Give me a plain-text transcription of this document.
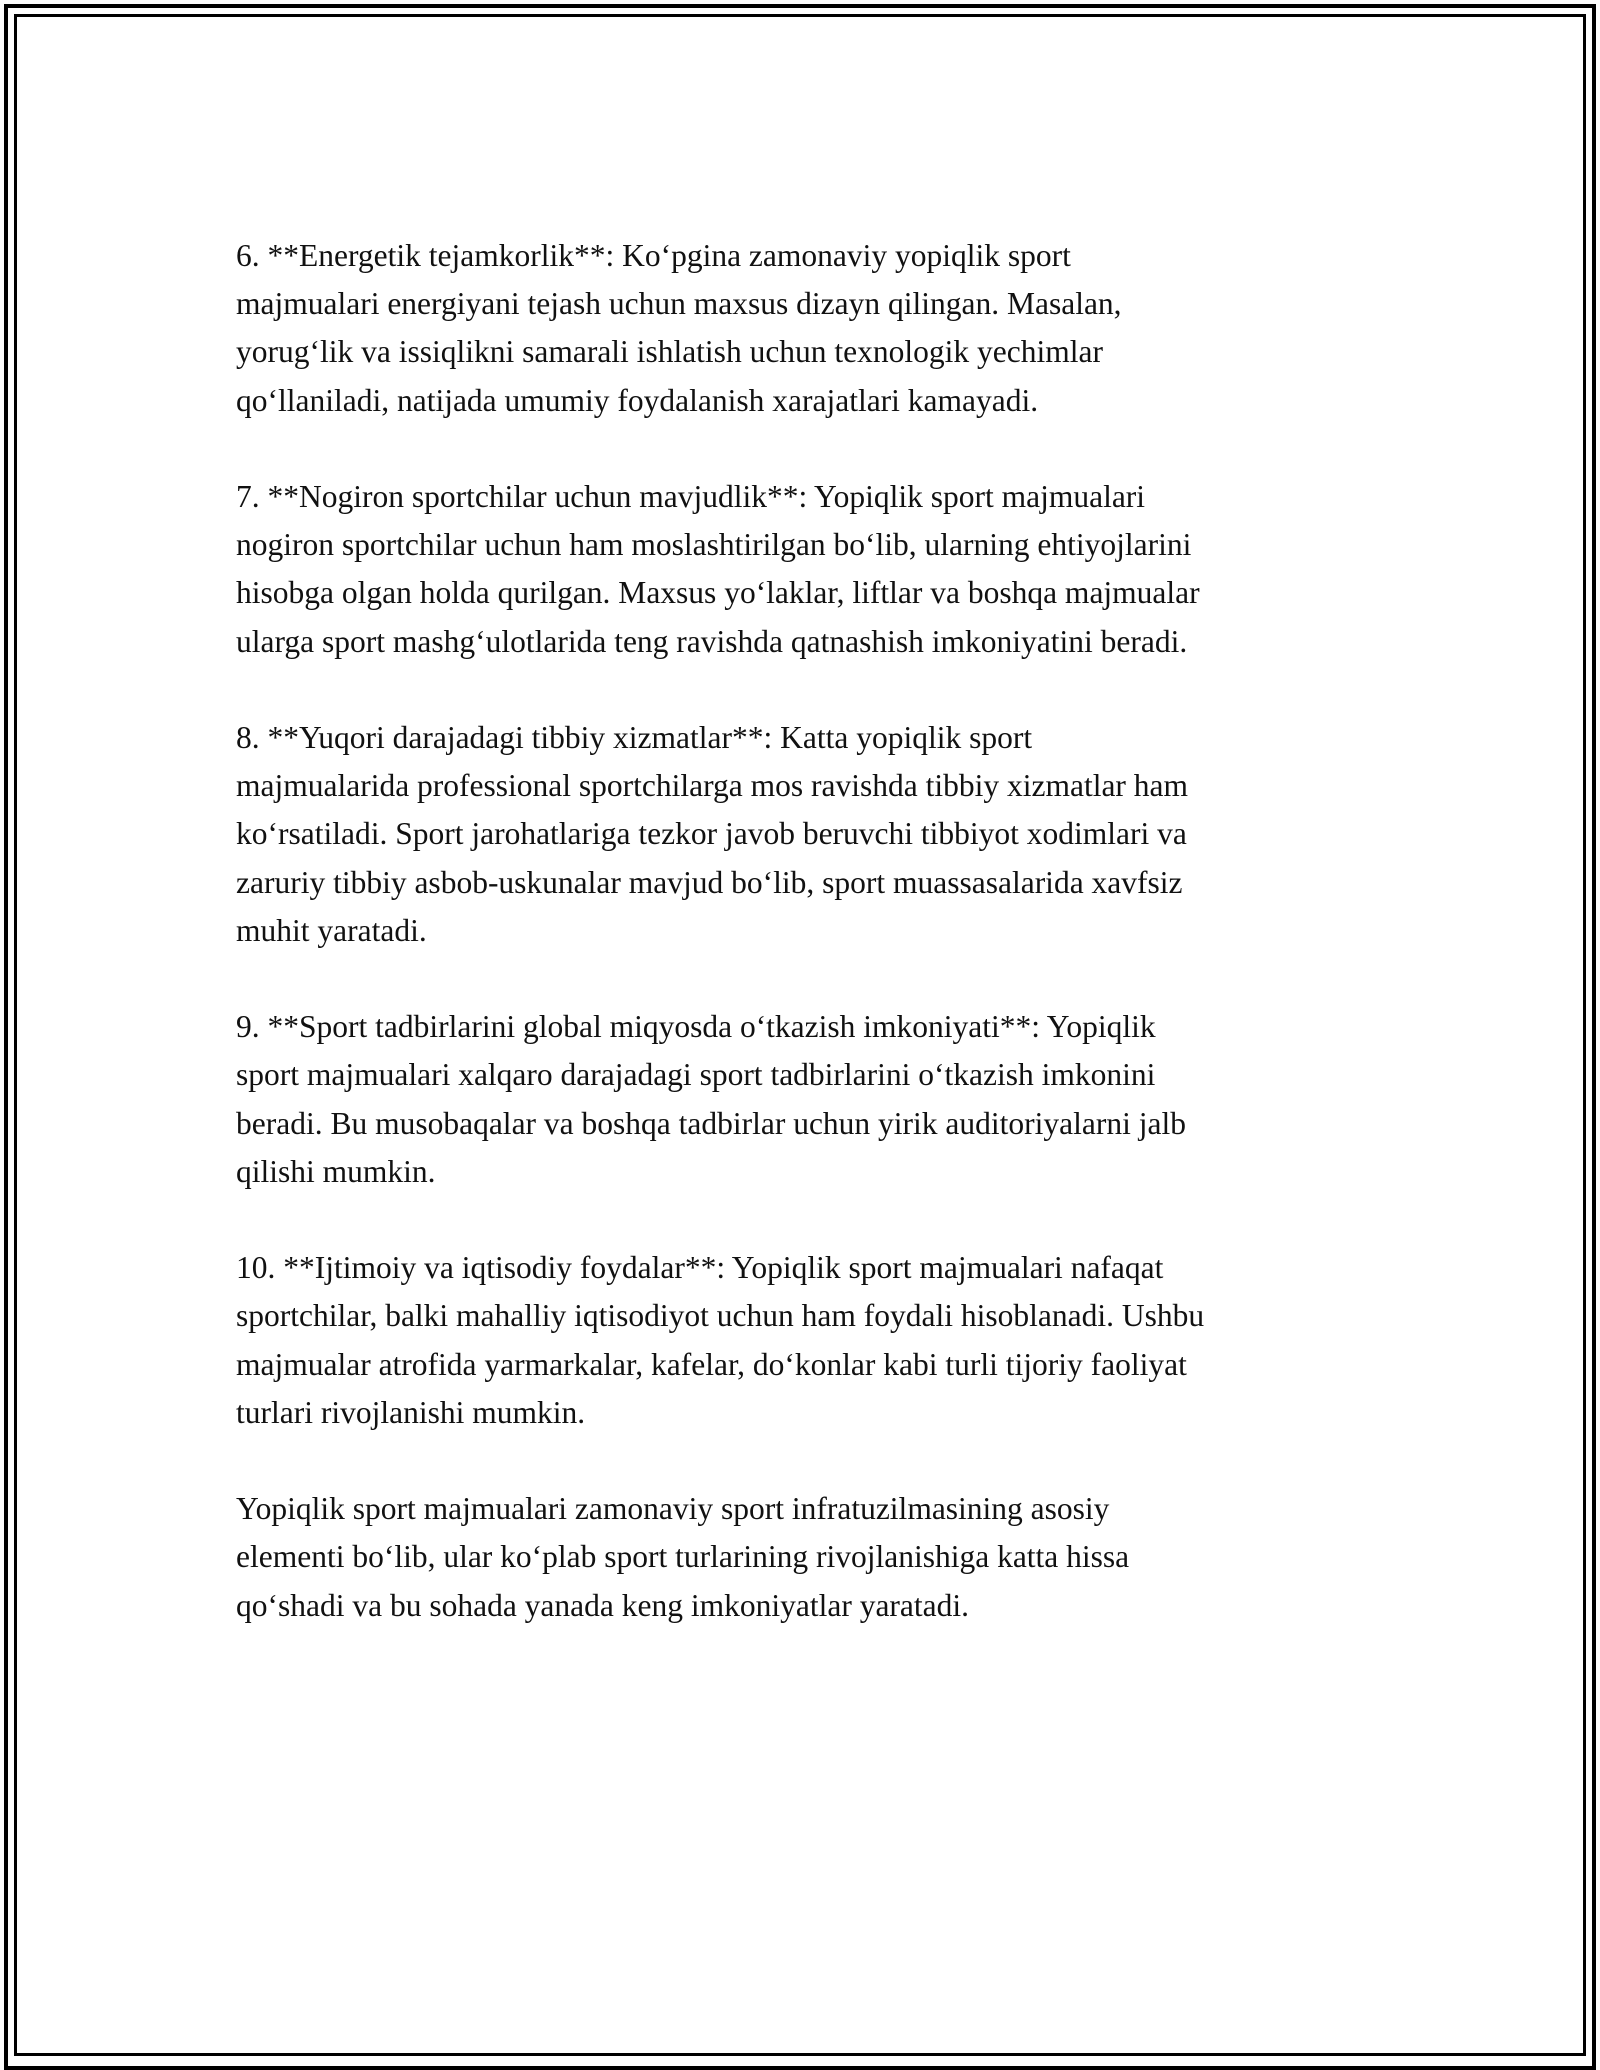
6. **Energetik tejamkorlik**: Ko‘pgina zamonaviy yopiqlik sport
majmualari energiyani tejash uchun maxsus dizayn qilingan. Masalan,
yorug‘lik va issiqlikni samarali ishlatish uchun texnologik yechimlar
qo‘llaniladi, natijada umumiy foydalanish xarajatlari kamayadi.

7. **Nogiron sportchilar uchun mavjudlik**: Yopiqlik sport majmualari
nogiron sportchilar uchun ham moslashtirilgan bo‘lib, ularning ehtiyojlarini
hisobga olgan holda qurilgan. Maxsus yo‘laklar, liftlar va boshqa majmualar
ularga sport mashg‘ulotlarida teng ravishda qatnashish imkoniyatini beradi.

8. **Yuqori darajadagi tibbiy xizmatlar**: Katta yopiqlik sport
majmualarida professional sportchilarga mos ravishda tibbiy xizmatlar ham
ko‘rsatiladi. Sport jarohatlariga tezkor javob beruvchi tibbiyot xodimlari va
zaruriy tibbiy asbob-uskunalar mavjud bo‘lib, sport muassasalarida xavfsiz
muhit yaratadi.

9. **Sport tadbirlarini global miqyosda o‘tkazish imkoniyati**: Yopiqlik
sport majmualari xalqaro darajadagi sport tadbirlarini o‘tkazish imkonini
beradi. Bu musobaqalar va boshqa tadbirlar uchun yirik auditoriyalarni jalb
qilishi mumkin.

10. **Ijtimoiy va iqtisodiy foydalar**: Yopiqlik sport majmualari nafaqat
sportchilar, balki mahalliy iqtisodiyot uchun ham foydali hisoblanadi. Ushbu
majmualar atrofida yarmarkalar, kafelar, do‘konlar kabi turli tijoriy faoliyat
turlari rivojlanishi mumkin.

Yopiqlik sport majmualari zamonaviy sport infratuzilmasining asosiy
elementi bo‘lib, ular ko‘plab sport turlarining rivojlanishiga katta hissa
qo‘shadi va bu sohada yanada keng imkoniyatlar yaratadi.
